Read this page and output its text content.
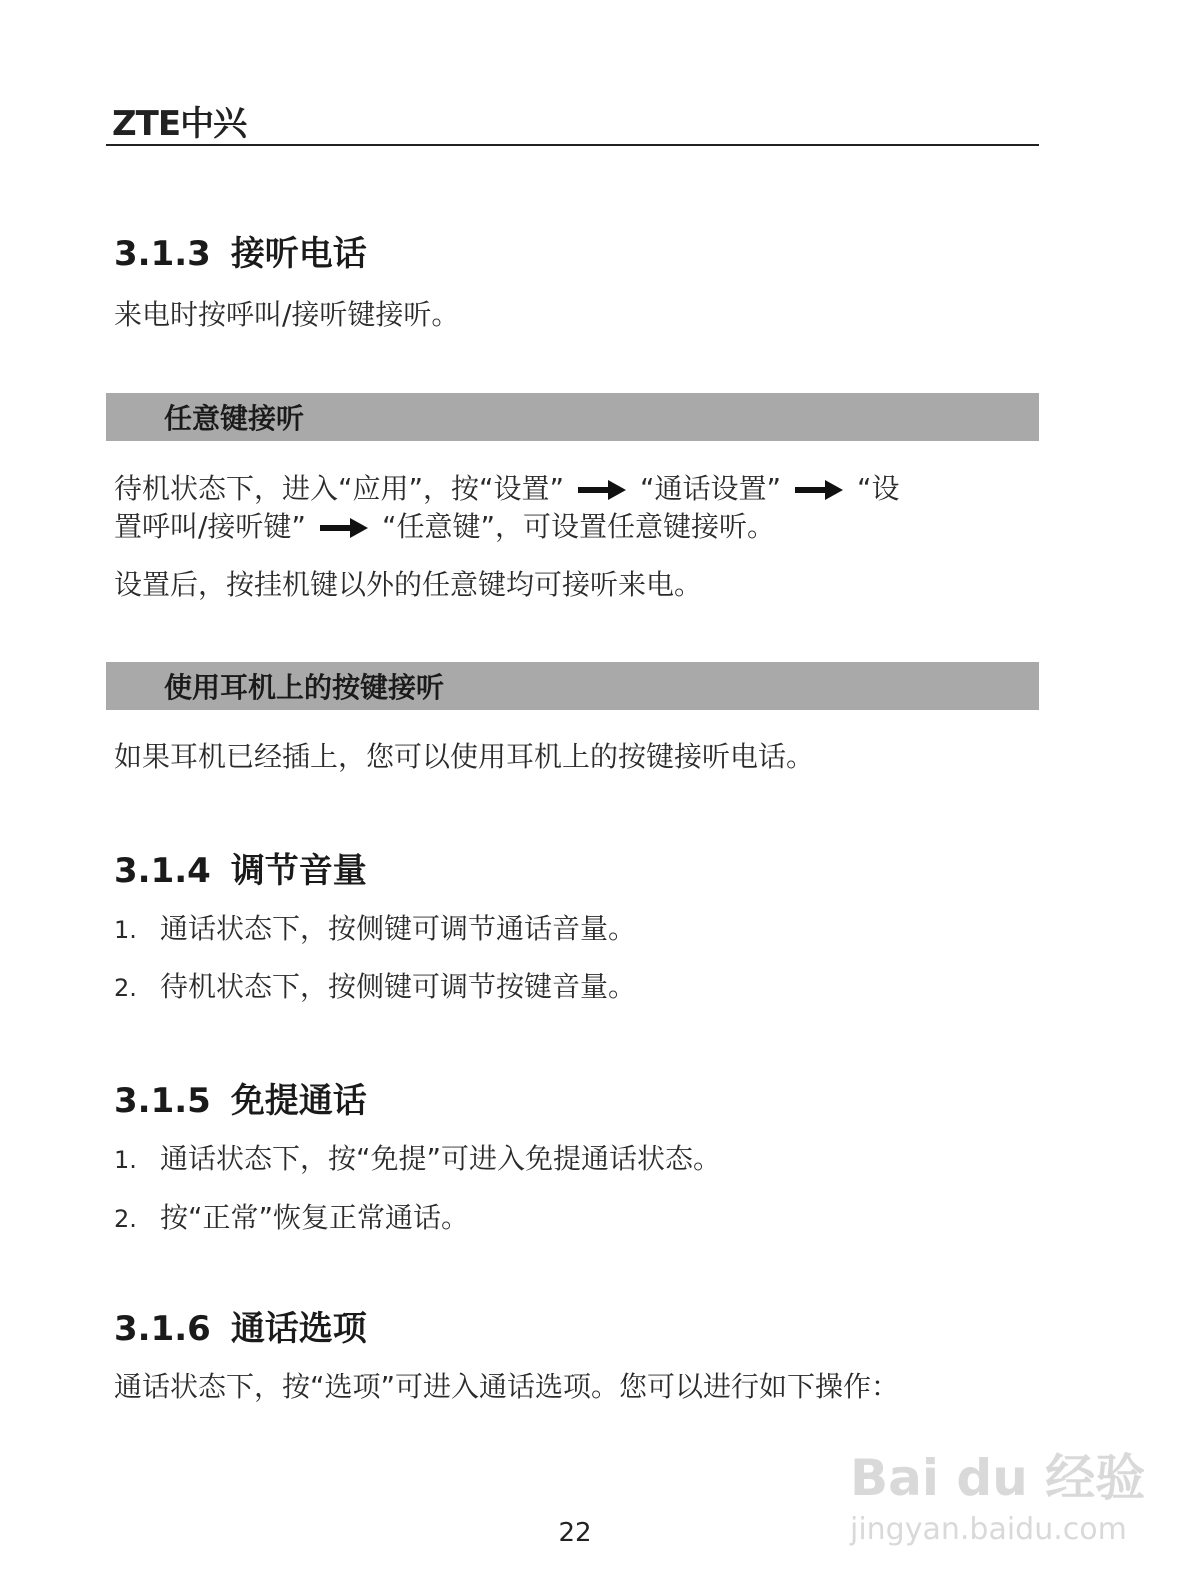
ZTE中兴
3.1.3 接听电话
来电时按呼叫/接听键接听。
任意键接听
待机状态下，进入“应用”，按“设置”	“通话设置”	“设
置呼叫/接听键”	“任意键”，可设置任意键接听。
设置后，按挂机键以外的任意键均可接听来电。
使用耳机上的按键接听
如果耳机已经插上，您可以使用耳机上的按键接听电话。
3.1.4 调节音量
1. 通话状态下，按侧键可调节通话音量。
2. 待机状态下，按侧键可调节按键音量。
3.1.5 免提通话
1. 通话状态下，按“免提”可进入免提通话状态。
2. 按“正常”恢复正常通话。
3.1.6 通话选项
通话状态下，按“选项”可进入通话选项。您可以进行如下操作：
22
Bai du 经验
jingyan.baidu.com
